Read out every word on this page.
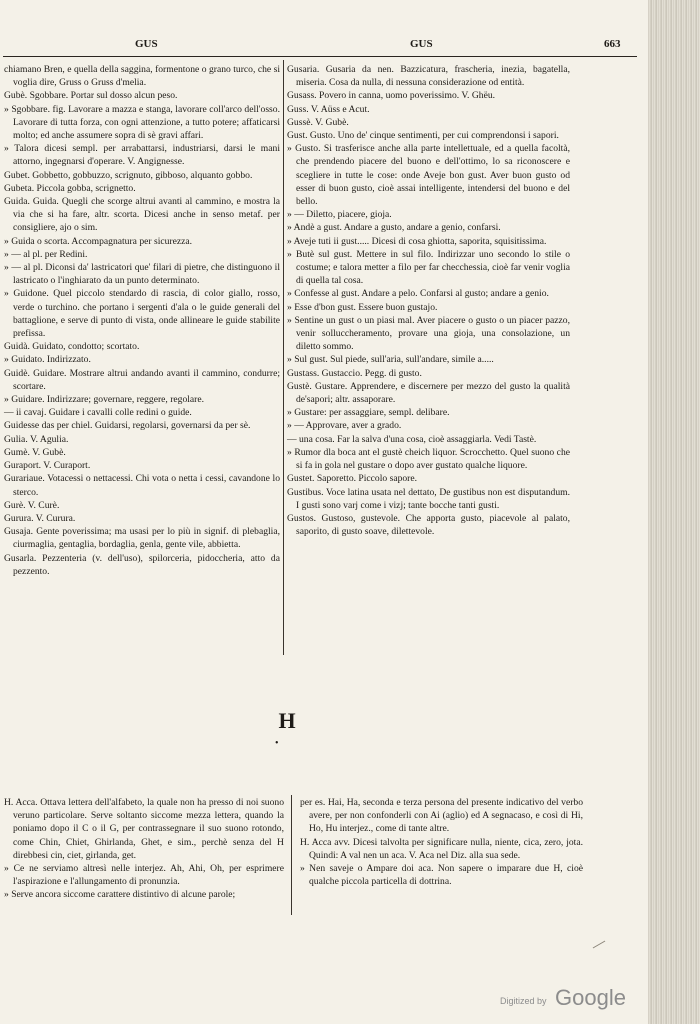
GUS	GUS	663
chiamano Bren, e quella della saggina, formentone o grano turco, che si voglia dire, Gruss o Gruss d'melia.
Gubè. Sgobbare. Portar sul dosso alcun peso.
» Sgobbare. fig. Lavorare a mazza e stanga, lavorare coll'arco dell'osso. Lavorare di tutta forza, con ogni attenzione, a tutto potere; affaticarsi molto; ed anche assumere sopra di sè gravi affari.
» Talora dicesi sempl. per arrabattarsi, industriarsi, darsi le mani attorno, ingegnarsi d'operare. V. Angignesse.
Gubet. Gobbetto, gobbuzzo, scrignuto, gibboso, alquanto gobbo.
Gubeta. Piccola gobba, scrignetto.
Guida. Guida. Quegli che scorge altrui avanti al cammino, e mostra la via che si ha fare, altr. scorta. Dicesi anche in senso metaf. per consigliere, ajo o sim.
» Guida o scorta. Accompagnatura per sicurezza.
» — al pl. per Redini.
» — al pl. Diconsi da' lastricatori que' filari di pietre, che distinguono il lastricato o l'inghiarato da un punto determinato.
» Guidone. Quel piccolo stendardo di rascia, di color giallo, rosso, verde o turchino. che portano i sergenti d'ala o le guide generali del battaglione, e serve di punto di vista, onde allineare le guide stabilite prefissa.
Guidà. Guidato, condotto; scortato.
» Guidato. Indirizzato.
Guidè. Guidare. Mostrare altrui andando avanti il cammino, condurre; scortare.
» Guidare. Indirizzare; governare, reggere, regolare.
— ii cavaj. Guidare i cavalli colle redini o guide.
Guidesse das per chiel. Guidarsi, regolarsi, governarsi da per sè.
Gulia. V. Agulia.
Gumè. V. Gubè.
Guraport. V. Curaport.
Gurariaue. Votacessi o nettacessi. Chi vota o netta i cessi, cavandone lo sterco.
Gurè. V. Curè.
Gurura. V. Curura.
Gusaja. Gente poverissima; ma usasi per lo più in signif. di plebaglia, ciurmaglia, gentaglia, bordaglia, genla, gente vile, abbietta.
Gusarla. Pezzenteria (v. dell'uso), spilorceria, pidoccheria, atto da pezzento.
Gusaria. Gusaria da nen. Bazzicatura, frascheria, inezia, bagatella, miseria. Cosa da nulla, di nessuna considerazione od entità.
Gusass. Povero in canna, uomo poverissimo. V. Ghëu.
Guss. V. Aüss e Acut.
Gussè. V. Gubè.
Gust. Gusto. Uno de' cinque sentimenti, per cui comprendonsi i sapori.
» Gusto. Si trasferisce anche alla parte intellettuale, ed a quella facoltà, che prendendo piacere del buono e dell'ottimo, lo sa riconoscere e scegliere in tutte le cose: onde Aveje bon gust. Aver buon gusto od esser di buon gusto, cioè assai intelligente, intendersi del buono e del bello.
» — Diletto, piacere, gioja.
» Andè a gust. Andare a gusto, andare a genio, confarsi.
» Aveje tuti ii gust..... Dicesi di cosa ghiotta, saporita, squisitissima.
» Butè sul gust. Mettere in sul filo. Indirizzar uno secondo lo stile o costume; e talora metter a filo per far checchessia, cioè far venir voglia di quella tal cosa.
» Confesse al gust. Andare a pelo. Confarsi al gusto; andare a genio.
» Esse d'bon gust. Essere buon gustajo.
» Sentine un gust o un piasi mal. Aver piacere o gusto o un piacer pazzo, venir solluccheramento, provare una gioja, una consolazione, un diletto sommo.
» Sul gust. Sul piede, sull'aria, sull'andare, simile a.....
Gustass. Gustaccio. Pegg. di gusto.
Gustè. Gustare. Apprendere, e discernere per mezzo del gusto la qualità de'sapori; altr. assaporare.
» Gustare: per assaggiare, sempl. delibare.
» — Approvare, aver a grado.
— una cosa. Far la salva d'una cosa, cioè assaggiarla. Vedi Tastè.
» Rumor dla boca ant el gustè cheich liquor. Scrocchetto. Quel suono che si fa in gola nel gustare o dopo aver gustato qualche liquore.
Gustet. Saporetto. Piccolo sapore.
Gustibus. Voce latina usata nel dettato, De gustibus non est disputandum. I gusti sono varj come i vizj; tante bocche tanti gusti.
Gustos. Gustoso, gustevole. Che apporta gusto, piacevole al palato, saporito, di gusto soave, dilettevole.
H
•
H. Acca. Ottava lettera dell'alfabeto, la quale non ha presso di noi suono veruno particolare. Serve soltanto siccome mezza lettera, quando la poniamo dopo il C o il G, per contrassegnare il suo suono rotondo, come Chin, Chiet, Ghirlanda, Ghet, e sim., perchè senza del H direbbesi cin, ciet, girlanda, get.
» Ce ne serviamo altresì nelle interjez. Ah, Ahi, Oh, per esprimere l'aspirazione e l'allungamento di pronunzia.
» Serve ancora siccome carattere distintivo di alcune parole;
per es. Hai, Ha, seconda e terza persona del presente indicativo del verbo avere, per non confonderli con Ai (aglio) ed A segnacaso, e così di Hi, Ho, Hu interjez., come di tante altre.
H. Acca avv. Dicesi talvolta per significare nulla, niente, cica, zero, jota. Quindi: A val nen un aca. V. Aca nel Diz. alla sua sede.
» Nen saveje o Ampare doi aca. Non sapere o imparare due H, cioè qualche piccola particella di dottrina.
Digitized by Google
